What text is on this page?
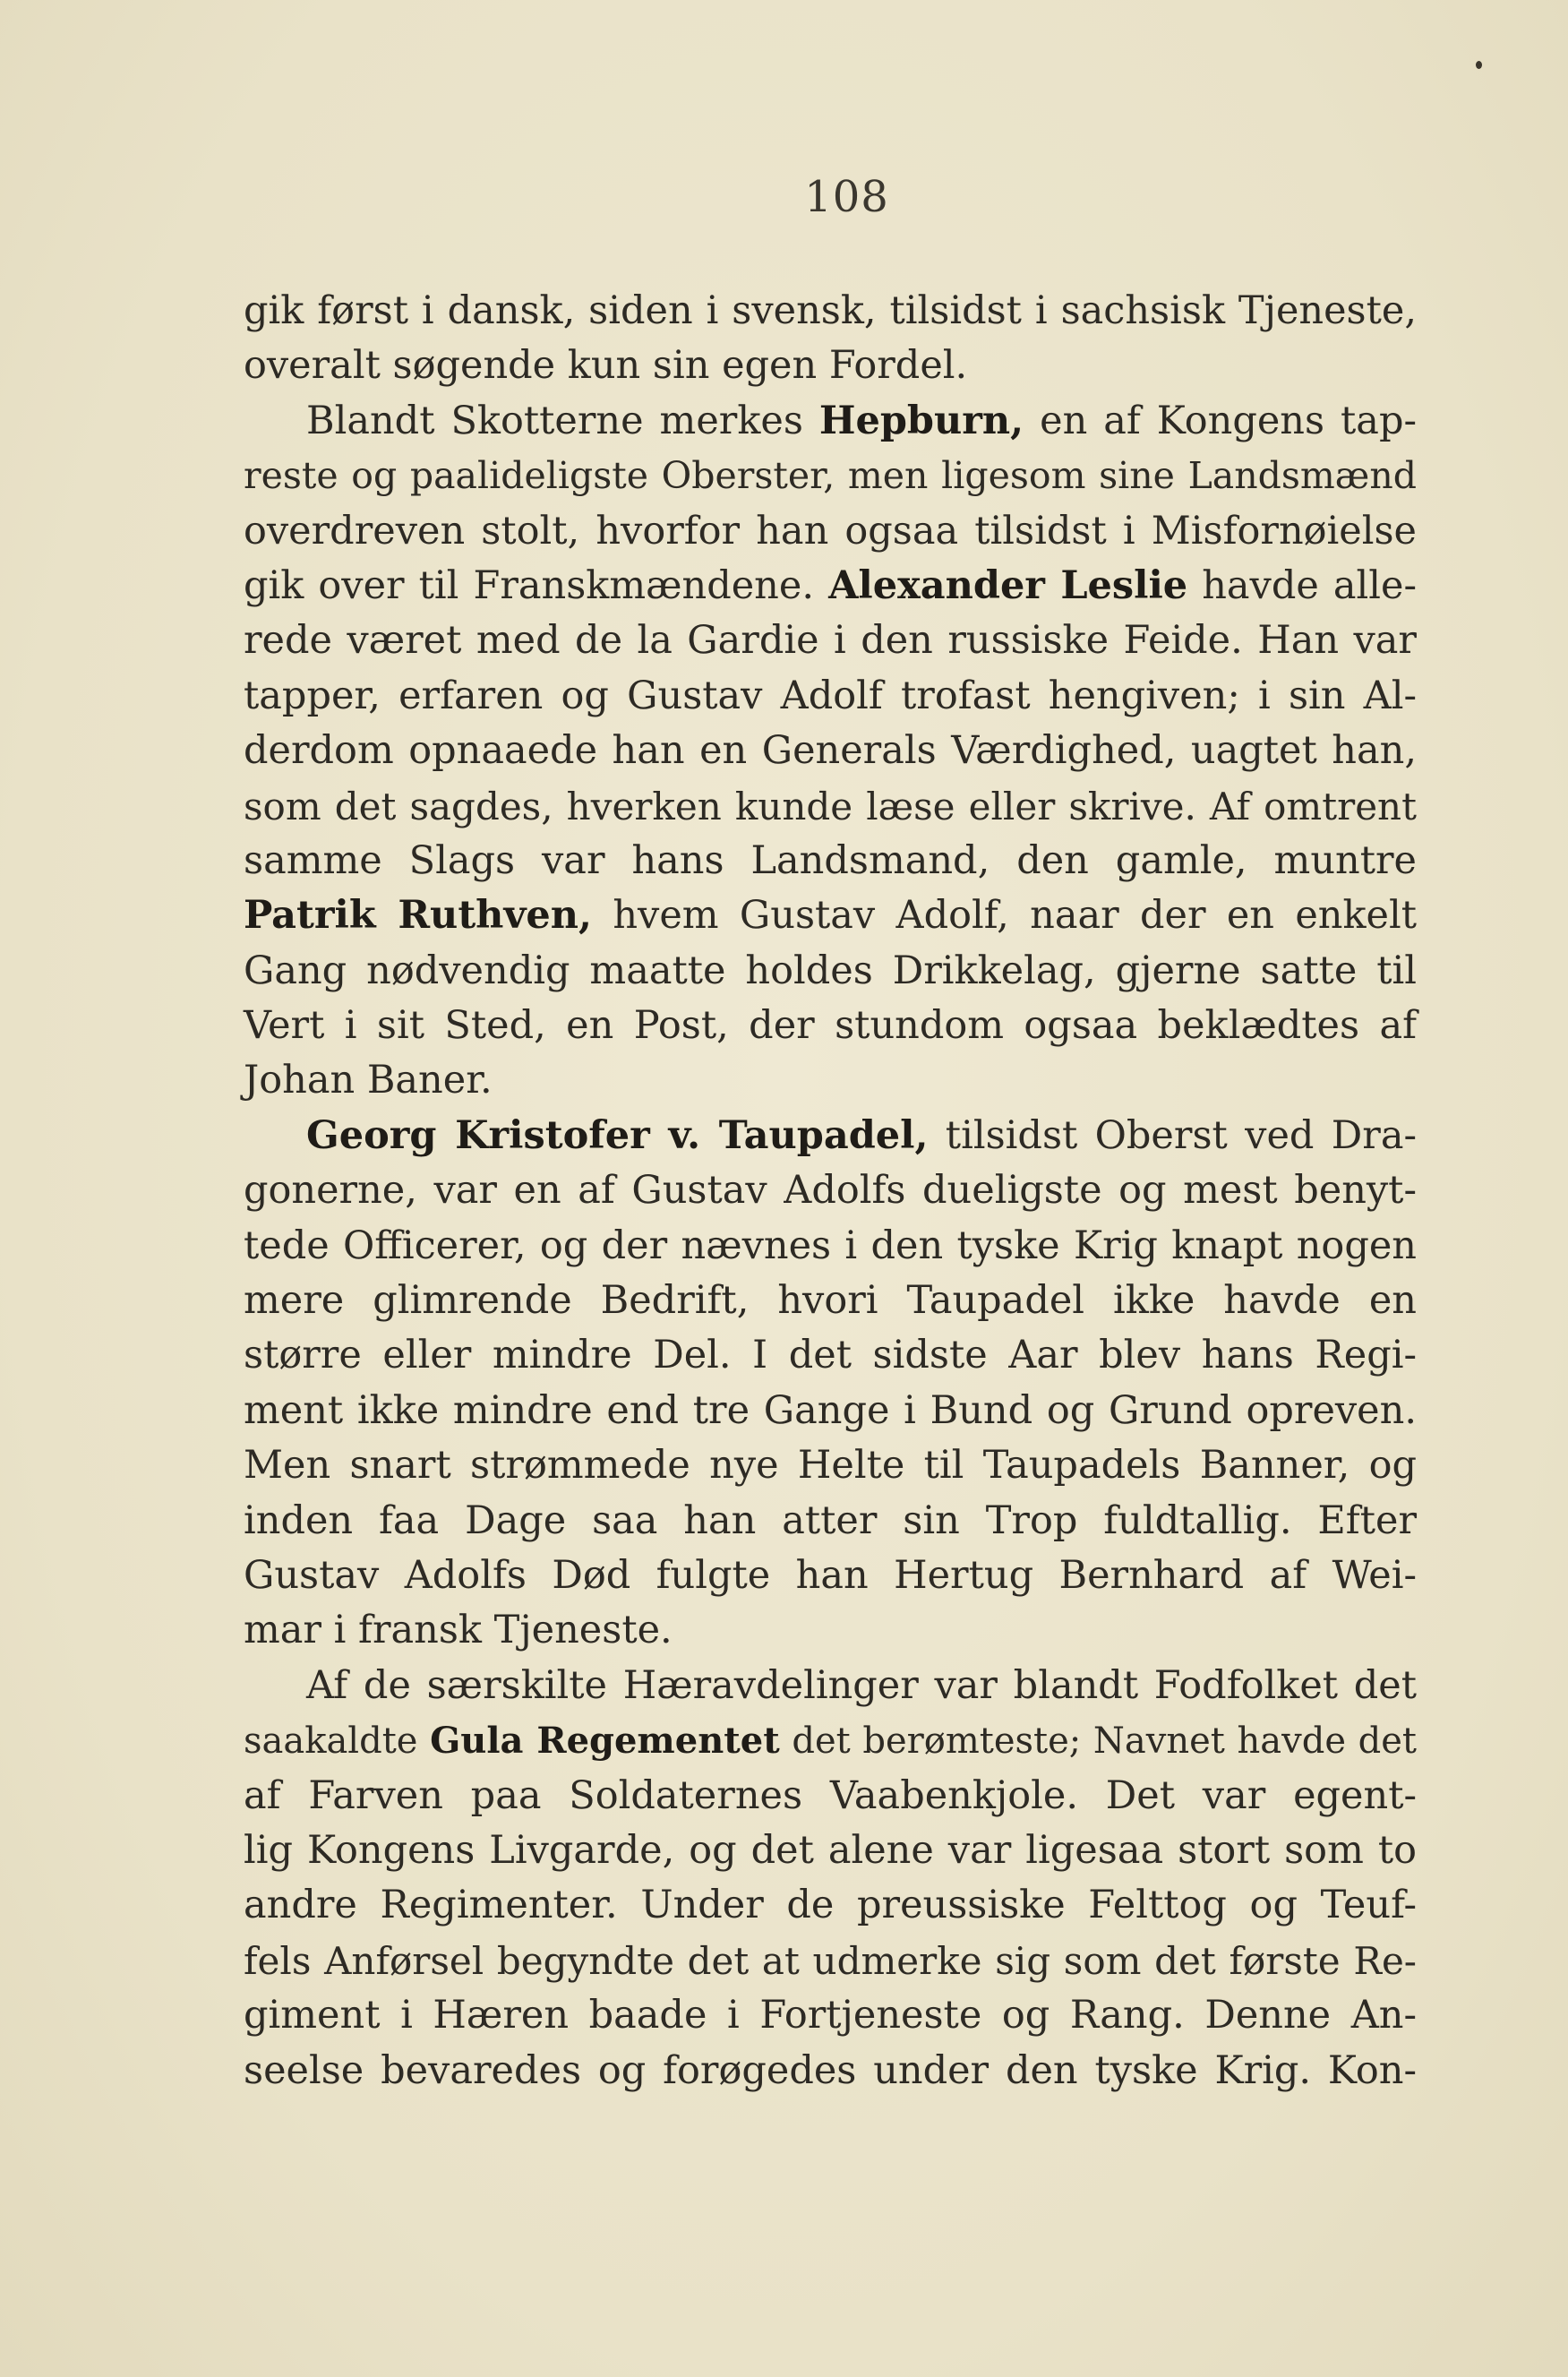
108
gik først i dansk, siden i svensk, tilsidst i sachsisk Tjeneste,
overalt søgende kun sin egen Fordel.
Blandt Skotterne merkes Hepburn, en af Kongens tap-
reste og paalideligste Oberster, men ligesom sine Landsmænd
overdreven stolt, hvorfor han ogsaa tilsidst i Misfornøielse
gik over til Franskmændene. Alexander Leslie havde alle-
rede været med de la Gardie i den russiske Feide. Han var
tapper, erfaren og Gustav Adolf trofast hengiven; i sin Al-
derdom opnaaede han en Generals Værdighed, uagtet han,
som det sagdes, hverken kunde læse eller skrive. Af omtrent
samme Slags var hans Landsmand, den gamle, muntre
Patrik Ruthven, hvem Gustav Adolf, naar der en enkelt
Gang nødvendig maatte holdes Drikkelag, gjerne satte til
Vert i sit Sted, en Post, der stundom ogsaa beklædtes af
Johan Baner.
Georg Kristofer v. Taupadel, tilsidst Oberst ved Dra-
gonerne, var en af Gustav Adolfs dueligste og mest benyt-
tede Officerer, og der nævnes i den tyske Krig knapt nogen
mere glimrende Bedrift, hvori Taupadel ikke havde en
større eller mindre Del. I det sidste Aar blev hans Regi-
ment ikke mindre end tre Gange i Bund og Grund opreven.
Men snart strømmede nye Helte til Taupadels Banner, og
inden faa Dage saa han atter sin Trop fuldtallig. Efter
Gustav Adolfs Død fulgte han Hertug Bernhard af Wei-
mar i fransk Tjeneste.
Af de særskilte Hæravdelinger var blandt Fodfolket det
saakaldte Gula Regementet det berømteste; Navnet havde det
af Farven paa Soldaternes Vaabenkjole. Det var egent-
lig Kongens Livgarde, og det alene var ligesaa stort som to
andre Regimenter. Under de preussiske Felttog og Teuf-
fels Anførsel begyndte det at udmerke sig som det første Re-
giment i Hæren baade i Fortjeneste og Rang. Denne An-
seelse bevaredes og forøgedes under den tyske Krig. Kon-
